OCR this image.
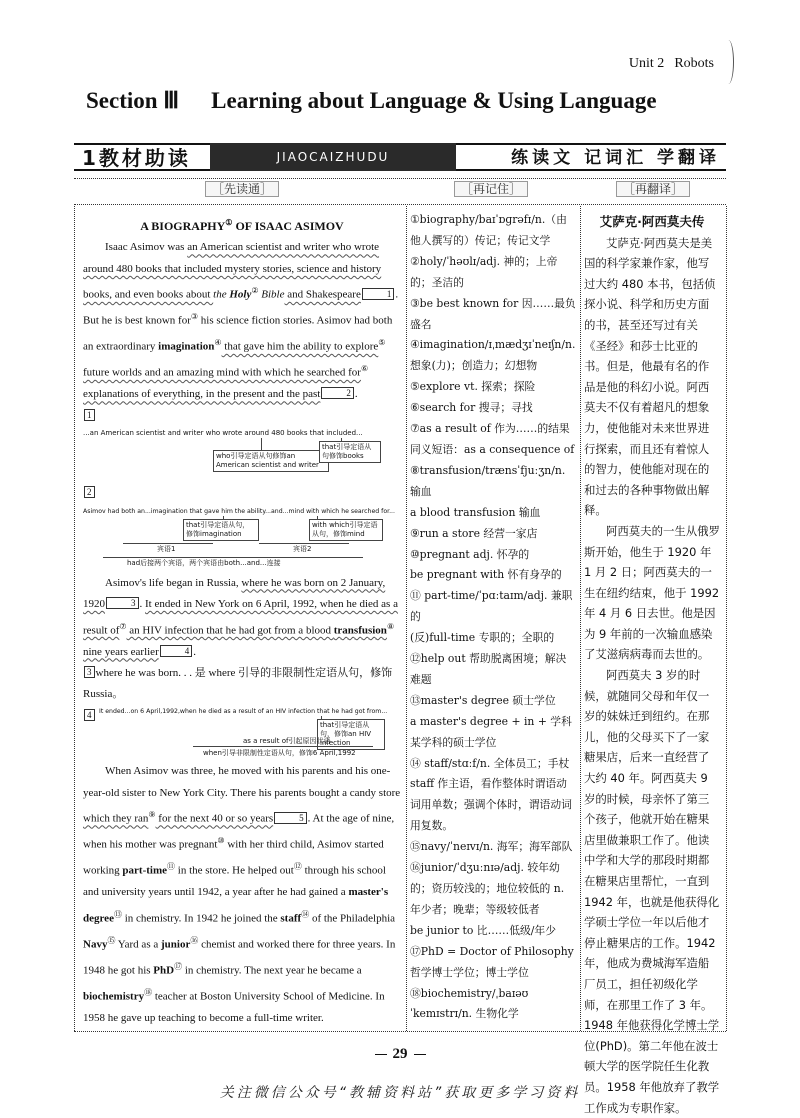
Unit 2 Robots
Section Ⅲ Learning about Language & Using Language
1教材助读	JIAOCAIZHUDU	练读文 记词汇 学翻译
［先读通］	［再记住］	［再翻译］

A BIOGRAPHY① OF ISAAC ASIMOV

Isaac Asimov was an American scientist and writer who wrote around 480 books that included mystery stories, science and history books, and even books about the Holy② Bible and Shakespeare	1 . But he is best known for③ his science fiction stories. Asimov had both an extraordinary imagination④ that gave him the ability to explore⑤ future worlds and an amazing mind with which he searched for⑥ explanations of everything, in the present and the past	2 .

1

...an American scientist and writer who wrote around 480 books that included...
who引导定语从句修饰an American scientist and writer
that引导定语从句修饰books

2

Asimov had both an...imagination that gave him the ability...and...mind with which he searched for...
that引导定语从句，修饰imagination
with which引导定语从句，修饰mind
宾语1	宾语2
had后接两个宾语，两个宾语由both...and...连接

Asimov's life began in Russia, where he was born on 2 January, 1920	3 . It ended in New York on 6 April, 1992, when he died as a result of⑦ an HIV infection that he had got from a blood transfusion⑧ nine years earlier	4 .

3 where he was born. . . 是 where 引导的非限制性定语从句，修饰 Russia。

4	It ended...on 6 April,1992,when he died as a result of an HIV infection that he had got from...
that引导定语从句，修饰an HIV infection
as a result of引起原因状语
when引导非限制性定语从句，修饰6 April,1992

When Asimov was three, he moved with his parents and his one-year-old sister to New York City. There his parents bought a candy store which they ran⑨ for the next 40 or so years	5 . At the age of nine, when his mother was pregnant⑩ with her third child, Asimov started working part-time⑪ in the store. He helped out⑫ through his school and university years until 1942, a year after he had gained a master's degree⑬ in chemistry. In 1942 he joined the staff⑭ of the Philadelphia Navy⑮ Yard as a junior⑯ chemist and worked there for three years. In 1948 he got his PhD⑰ in chemistry. The next year he became a biochemistry⑱ teacher at Boston University School of Medicine. In 1958 he gave up teaching to become a full-time writer.

①biography/baɪˈɒɡrəfɪ/n.（由他人撰写的）传记；传记文学

②holy/ˈhəʊlɪ/adj. 神的；上帝的；圣洁的

③be best known for 因……最负盛名

④imagination/ɪˌmædʒɪˈneɪʃn/n. 想象(力)；创造力；幻想物

⑤explore vt. 探索；探险

⑥search for 搜寻；寻找

⑦as a result of 作为……的结果

同义短语：as a consequence of

⑧transfusion/trænsˈfjuːʒn/n. 输血

a blood transfusion 输血

⑨run a store 经营一家店

⑩pregnant adj. 怀孕的

be pregnant with 怀有身孕的

⑪ part-time/ˈpɑːtaɪm/adj. 兼职的

(反)full-time 专职的；全职的

⑫help out 帮助脱离困境；解决难题

⑬master's degree 硕士学位

a master's degree + in + 学科 某学科的硕士学位

⑭ staff/stɑːf/n. 全体员工；手杖

staff 作主语，看作整体时谓语动词用单数；强调个体时，谓语动词用复数。

⑮navy/ˈneɪvɪ/n. 海军；海军部队

⑯junior/ˈdʒuːnɪə/adj. 较年幼的；资历较浅的；地位较低的 n. 年少者；晚辈；等级较低者

be junior to 比……低级/年少

⑰PhD = Doctor of Philosophy 哲学博士学位；博士学位

⑱biochemistry/ˌbaɪəʊˈkemɪstrɪ/n. 生物化学

艾萨克·阿西莫夫传

艾萨克·阿西莫夫是美国的科学家兼作家，他写过大约 480 本书，包括侦探小说、科学和历史方面的书，甚至还写过有关《圣经》和莎士比亚的书。但是，他最有名的作品是他的科幻小说。阿西莫夫不仅有着超凡的想象力，使他能对未来世界进行探索，而且还有着惊人的智力，使他能对现在的和过去的各种事物做出解释。

阿西莫夫的一生从俄罗斯开始，他生于 1920 年 1 月 2 日；阿西莫夫的一生在纽约结束，他于 1992 年 4 月 6 日去世。他是因为 9 年前的一次输血感染了艾滋病病毒而去世的。

阿西莫夫 3 岁的时候，就随同父母和年仅一岁的妹妹迁到纽约。在那儿，他的父母买下了一家糖果店，后来一直经营了大约 40 年。阿西莫夫 9 岁的时候，母亲怀了第三个孩子，他就开始在糖果店里做兼职工作了。他读中学和大学的那段时期都在糖果店里帮忙，一直到 1942 年，也就是他获得化学硕士学位一年以后他才停止糖果店的工作。1942 年，他成为费城海军造船厂员工，担任初级化学师，在那里工作了 3 年。1948 年他获得化学博士学位(PhD)。第二年他在波士顿大学的医学院任生化教员。1958 年他放弃了教学工作成为专职作家。

29
关注微信公众号“教辅资料站”获取更多学习资料
